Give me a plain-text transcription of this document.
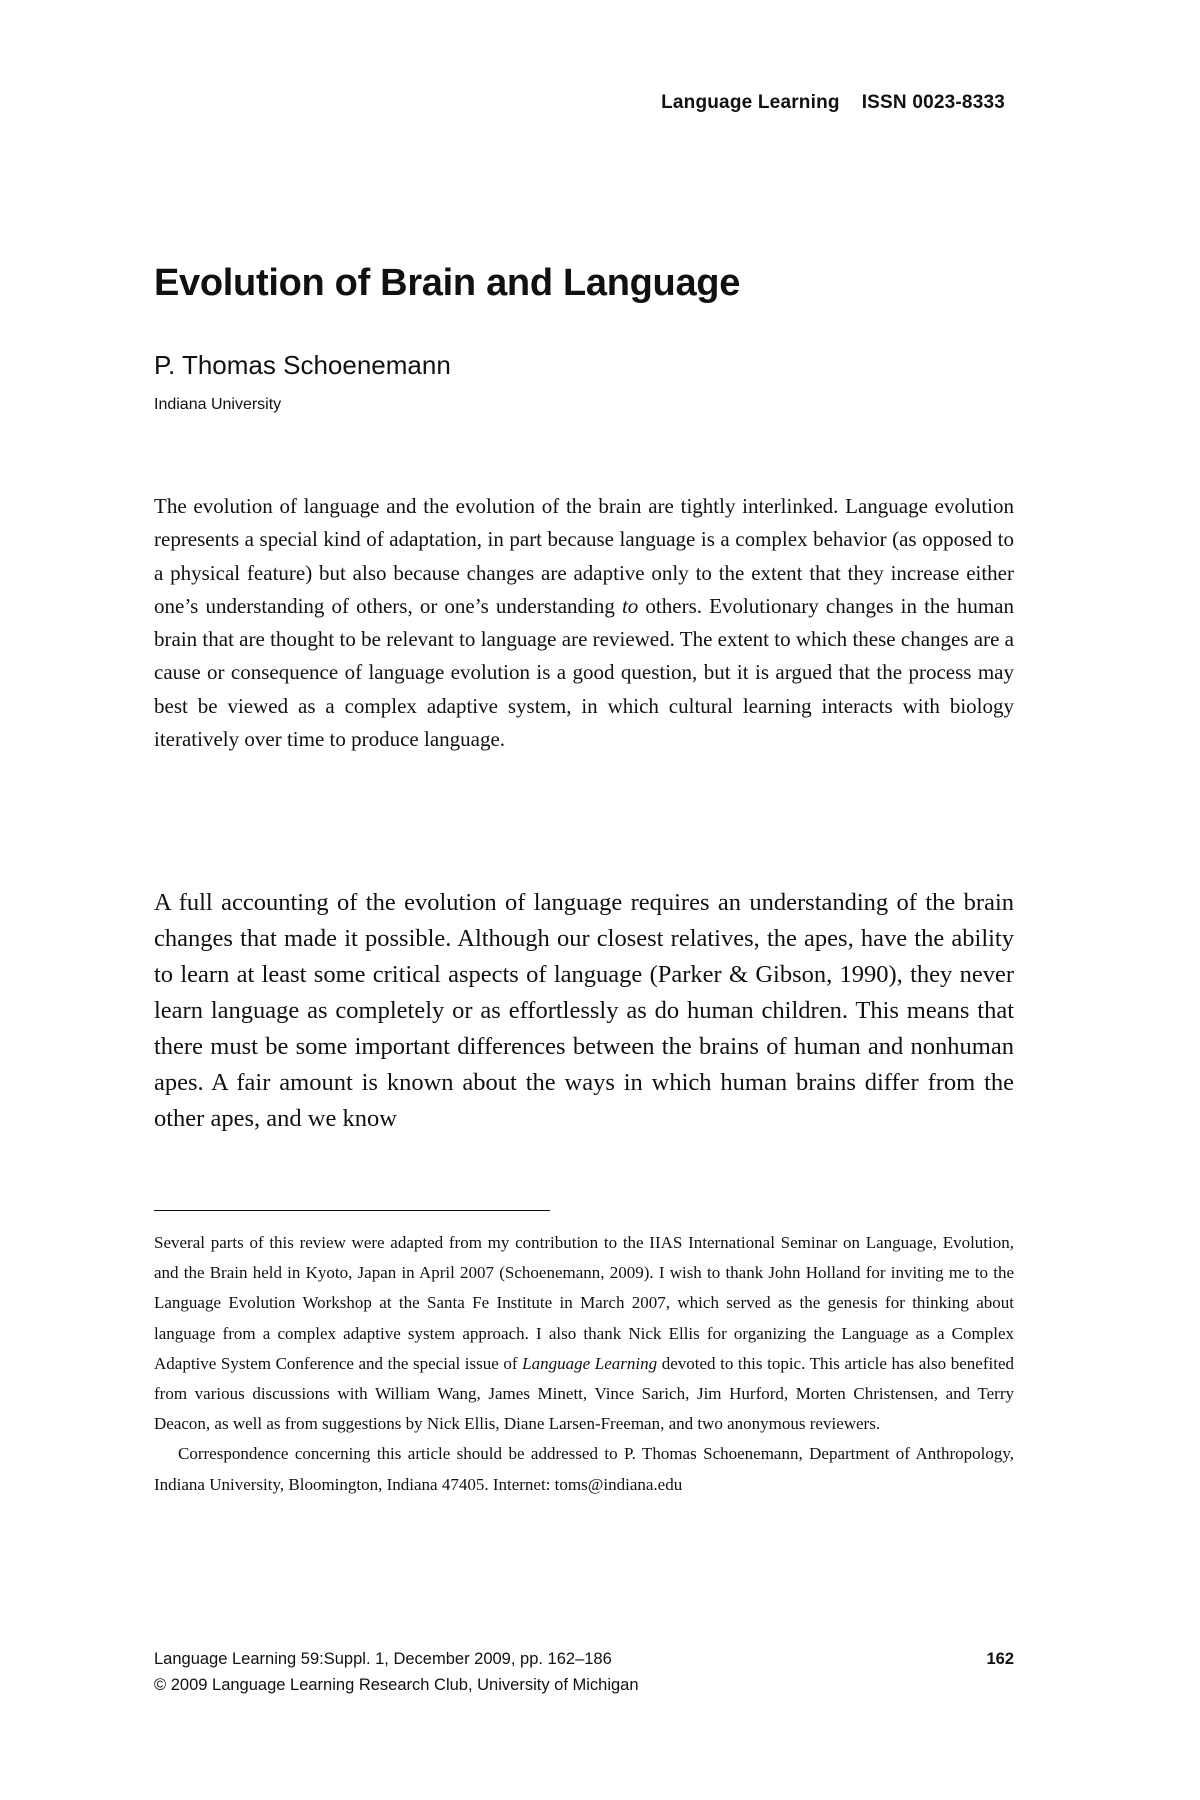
Language Learning ISSN 0023-8333
Evolution of Brain and Language
P. Thomas Schoenemann
Indiana University

The evolution of language and the evolution of the brain are tightly interlinked. Language evolution represents a special kind of adaptation, in part because language is a complex behavior (as opposed to a physical feature) but also because changes are adaptive only to the extent that they increase either one’s understanding of others, or one’s understanding to others. Evolutionary changes in the human brain that are thought to be relevant to language are reviewed. The extent to which these changes are a cause or consequence of language evolution is a good question, but it is argued that the process may best be viewed as a complex adaptive system, in which cultural learning interacts with biology iteratively over time to produce language.

A full accounting of the evolution of language requires an understanding of the brain changes that made it possible. Although our closest relatives, the apes, have the ability to learn at least some critical aspects of language (Parker & Gibson, 1990), they never learn language as completely or as effortlessly as do human children. This means that there must be some important differences between the brains of human and nonhuman apes. A fair amount is known about the ways in which human brains differ from the other apes, and we know

Several parts of this review were adapted from my contribution to the IIAS International Seminar on Language, Evolution, and the Brain held in Kyoto, Japan in April 2007 (Schoenemann, 2009). I wish to thank John Holland for inviting me to the Language Evolution Workshop at the Santa Fe Institute in March 2007, which served as the genesis for thinking about language from a complex adaptive system approach. I also thank Nick Ellis for organizing the Language as a Complex Adaptive System Conference and the special issue of Language Learning devoted to this topic. This article has also benefited from various discussions with William Wang, James Minett, Vince Sarich, Jim Hurford, Morten Christensen, and Terry Deacon, as well as from suggestions by Nick Ellis, Diane Larsen-Freeman, and two anonymous reviewers.

Correspondence concerning this article should be addressed to P. Thomas Schoenemann, Department of Anthropology, Indiana University, Bloomington, Indiana 47405. Internet: toms@indiana.edu

Language Learning 59:Suppl. 1, December 2009, pp. 162–186	162
© 2009 Language Learning Research Club, University of Michigan
